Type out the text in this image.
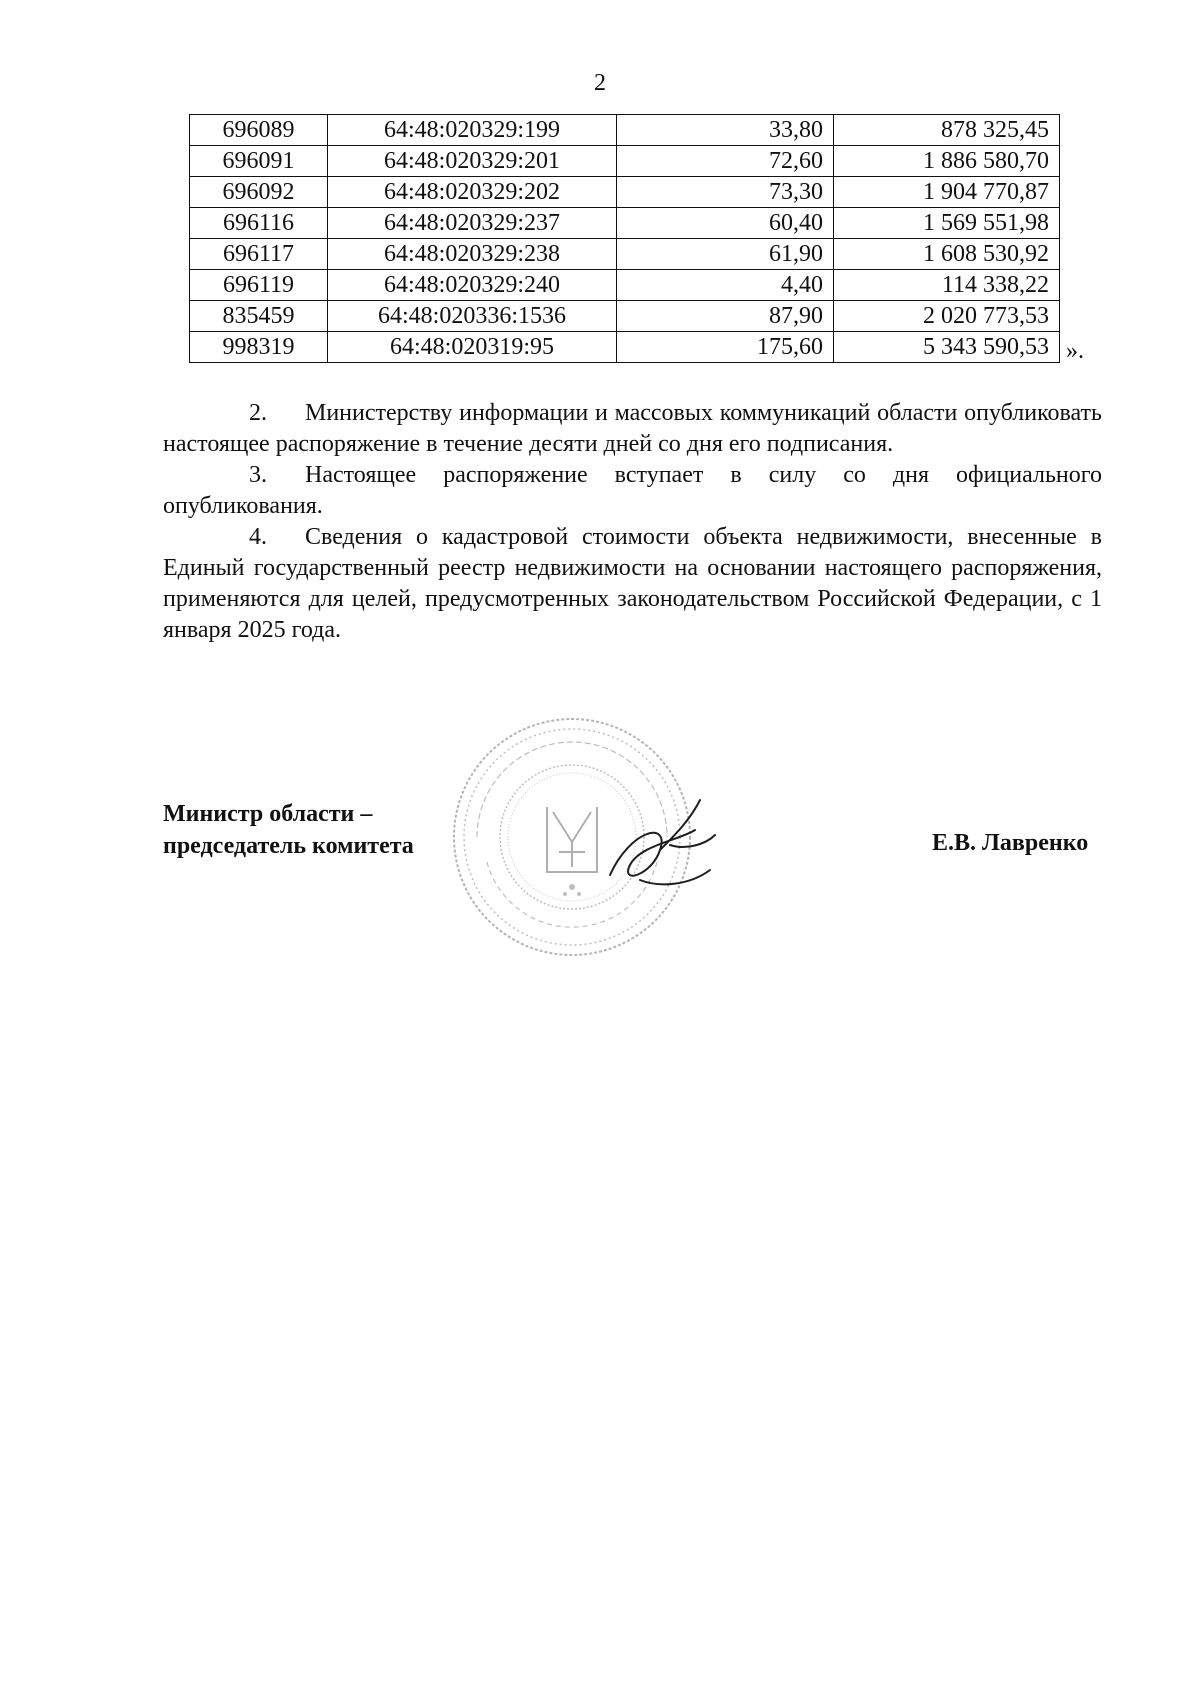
2
696089	64:48:020329:199	33,80	878 325,45
696091	64:48:020329:201	72,60	1 886 580,70
696092	64:48:020329:202	73,30	1 904 770,87
696116	64:48:020329:237	60,40	1 569 551,98
696117	64:48:020329:238	61,90	1 608 530,92
696119	64:48:020329:240	4,40	114 338,22
835459	64:48:020336:1536	87,90	2 020 773,53
998319	64:48:020319:95	175,60	5 343 590,53 ».

2. Министерству информации и массовых коммуникаций области опубликовать настоящее распоряжение в течение десяти дней со дня его подписания.

3. Настоящее распоряжение вступает в силу со дня официального опубликования.

4. Сведения о кадастровой стоимости объекта недвижимости, внесенные в Единый государственный реестр недвижимости на основании настоящего распоряжения, применяются для целей, предусмотренных законодательством Российской Федерации, с 1 января 2025 года.

Министр области –
председатель комитета	Е.В. Лавренко
